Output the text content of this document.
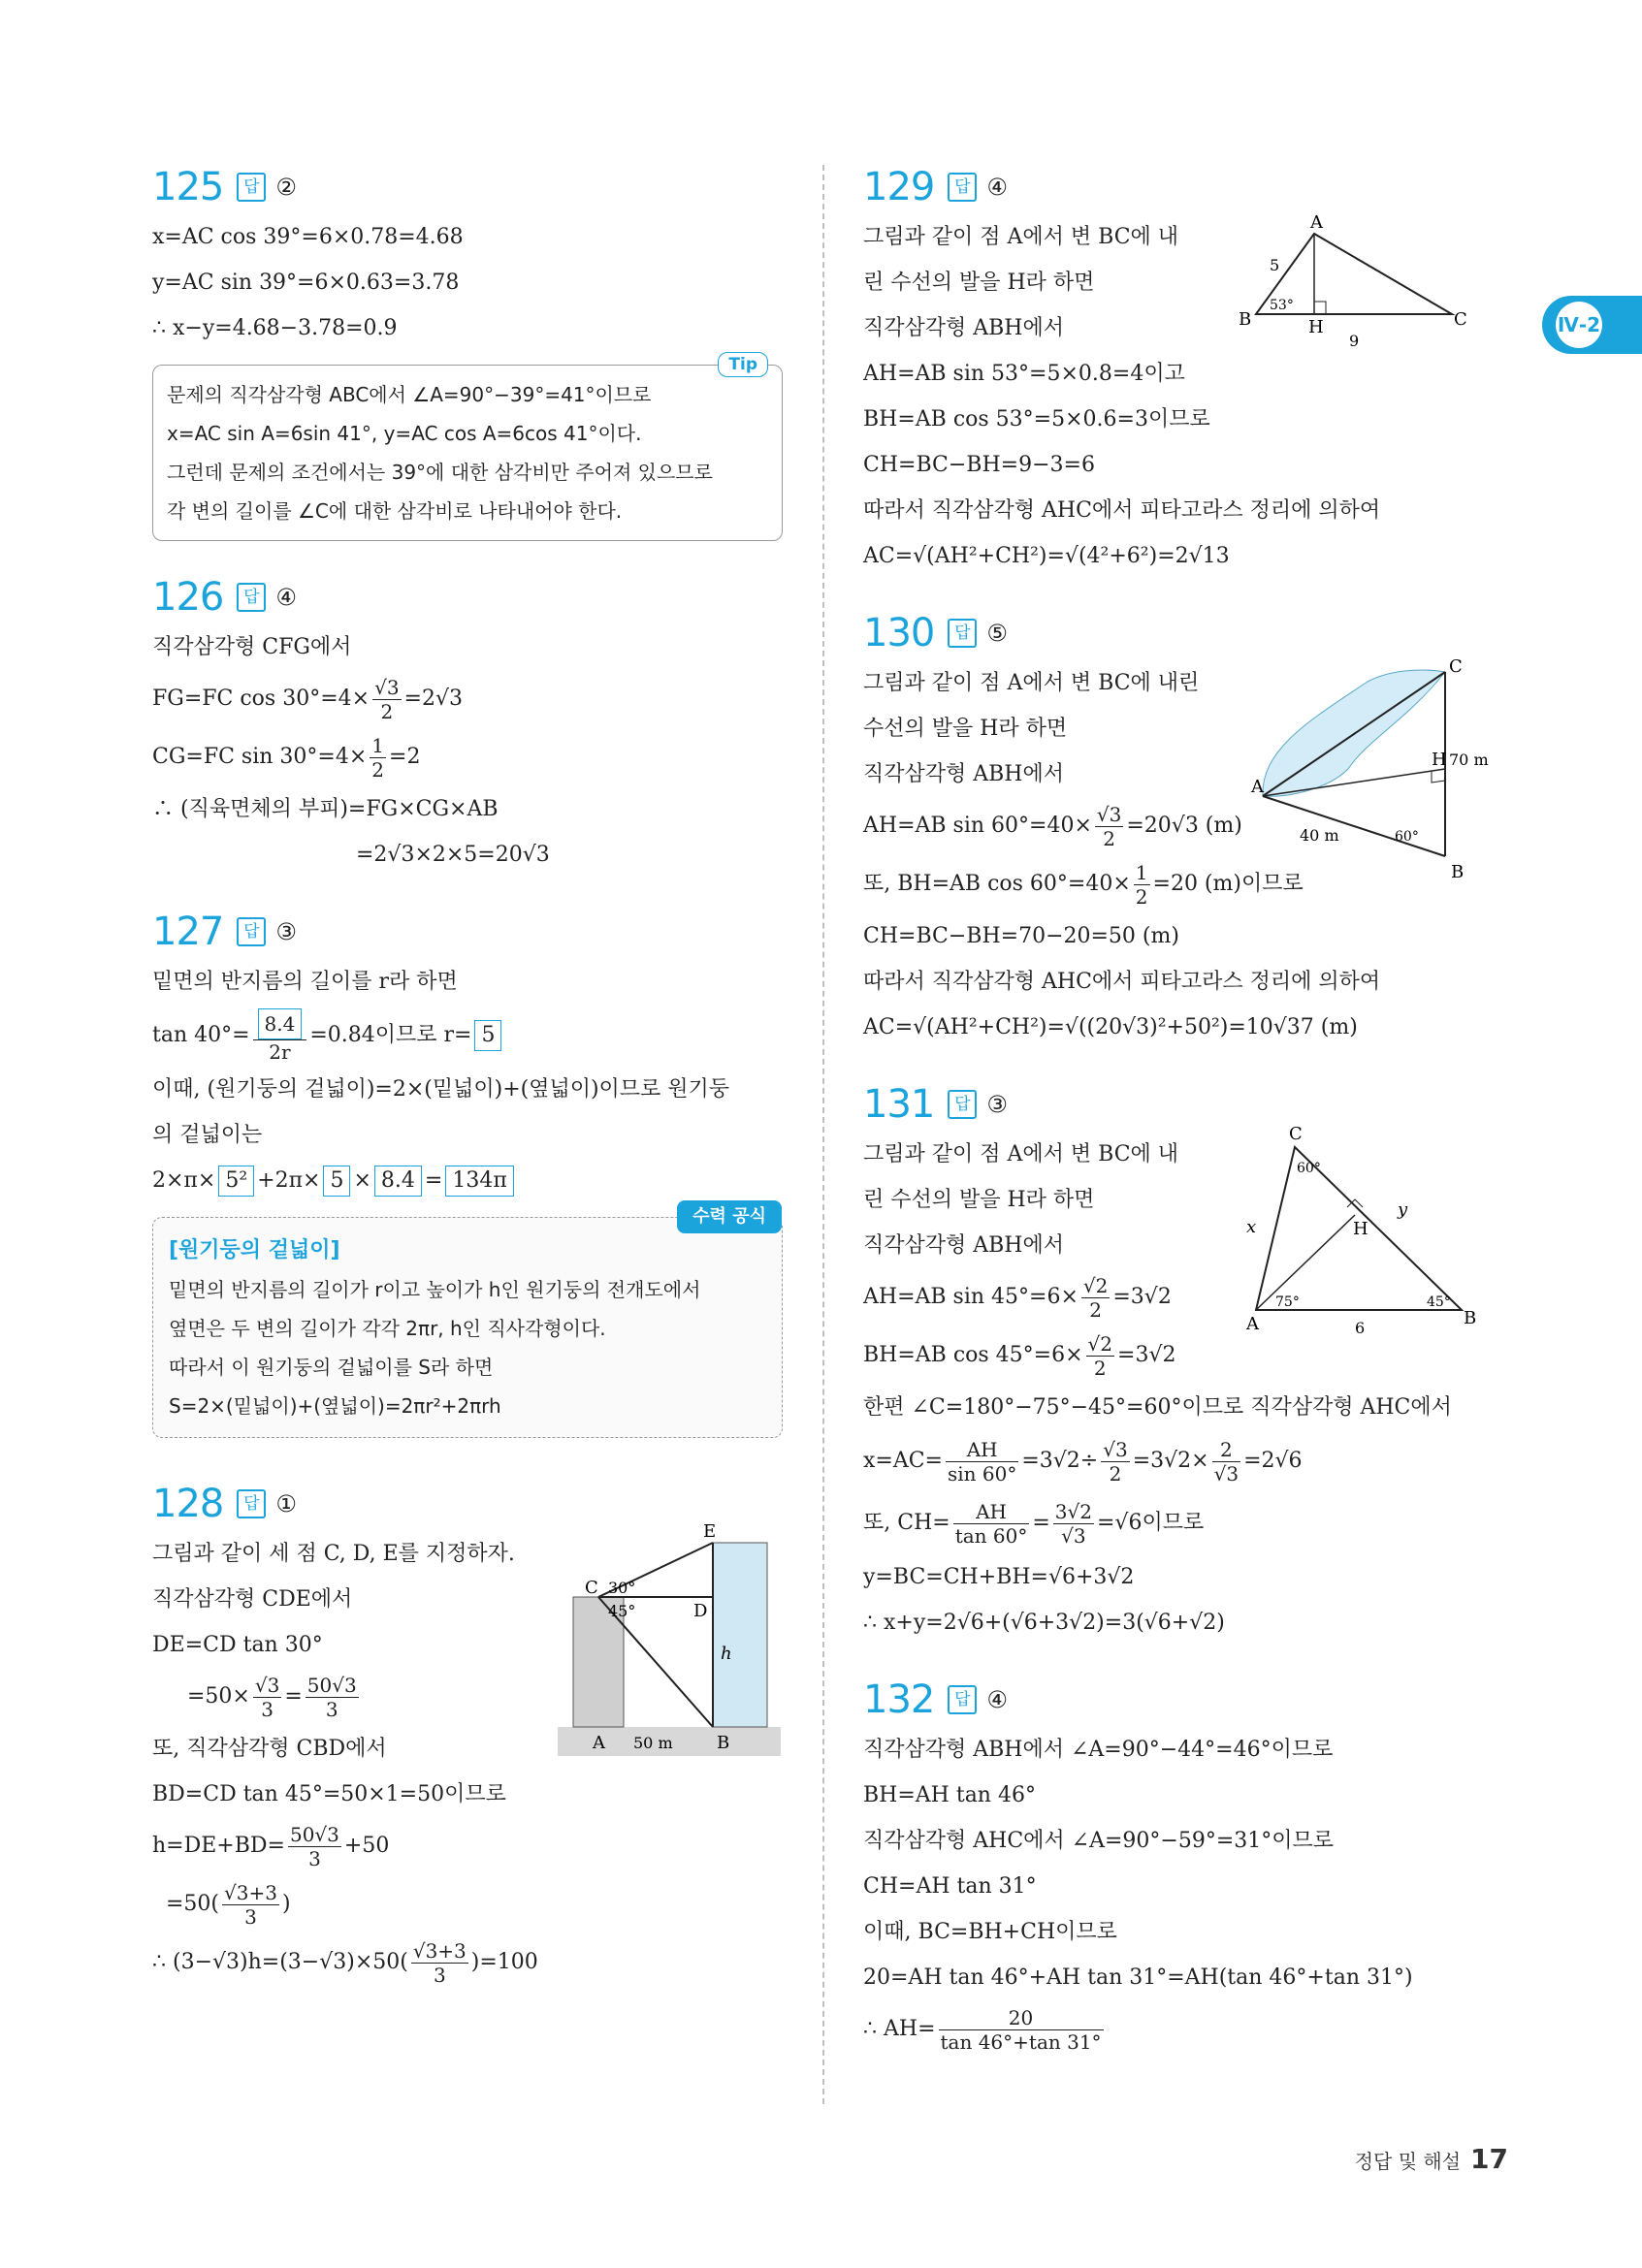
Ⅳ-2
125	답 ②
x=AC cos 39°=6×0.78=4.68
y=AC sin 39°=6×0.63=3.78
∴ x−y=4.68−3.78=0.9
Tip
문제의 직각삼각형 ABC에서 ∠A=90°−39°=41°이므로
x=AC sin A=6sin 41°, y=AC cos A=6cos 41°이다.
그런데 문제의 조건에서는 39°에 대한 삼각비만 주어져 있으므로
각 변의 길이를 ∠C에 대한 삼각비로 나타내어야 한다.
126	답 ④
직각삼각형 CFG에서
FG=FC $\cos 30^\circ=4\times \frac{√3}{2} =2√3$
CG=FC $\sin 30^\circ=4\times \frac{1}{2} =2$
∴ (직육면체의 부피)=FG×CG×AB
=2√3×2×5=20√3
127	답 ③
밑면의 반지름의 길이를 r라 하면
$\tan 40^\circ= \frac{8.4}{2r} =0.84$이므로 r= 5
이때, (원기둥의 겉넓이)=2×(밑넓이)+(옆넓이)이므로 원기둥
의 겉넓이는
2×π× 5² +2π× 5 × 8.4 = 134π
수력 공식
[원기둥의 겉넓이]
밑면의 반지름의 길이가 r이고 높이가 h인 원기둥의 전개도에서
옆면은 두 변의 길이가 각각 2πr, h인 직사각형이다.
따라서 이 원기둥의 겉넓이를 S라 하면
S=2×(밑넓이)+(옆넓이)=2πr²+2πrh
128	답 ①
그림과 같이 세 점 C, D, E를 지정하자.
직각삼각형 CDE에서
DE=CD tan 30°
$=50\times \frac{√3}{3} = \frac{50√3}{3}$
또, 직각삼각형 CBD에서
BD=CD tan 45°=50×1=50이므로
$h=DE+BD= \frac{50√3}{3} +50$
$=50( \frac{√3+3}{3}$ )
∴ $(3-√3)h=(3-√3)\times 50( \frac{√3+3}{3} )=100$
E
C
D
h
30°
45°
A	B
50 m
129	답 ④
그림과 같이 점 A에서 변 BC에 내
린 수선의 발을 H라 하면
직각삼각형 ABH에서
AH=AB sin 53°=5×0.8=4이고
BH=AB cos 53°=5×0.6=3이므로
CH=BC−BH=9−3=6
따라서 직각삼각형 AHC에서 피타고라스 정리에 의하여
AC=√(AH²+CH²)=√(4²+6²)=2√13
A
B	C
H
5
53°
9
130	답 ⑤
그림과 같이 점 A에서 변 BC에 내린
수선의 발을 H라 하면
직각삼각형 ABH에서
AH=AB $\sin 60^\circ=40\times \frac{√3}{2} =20√3$ (m)
또, BH=AB $\cos 60^\circ=40\times \frac{1}{2} =20$ (m)이므로
CH=BC−BH=70−20=50 (m)
따라서 직각삼각형 AHC에서 피타고라스 정리에 의하여
AC=√(AH²+CH²)=√((20√3)²+50²)=10√37 (m)
C
A
B
H 70 m
40 m	60°
131	답 ③
그림과 같이 점 A에서 변 BC에 내
린 수선의 발을 H라 하면
직각삼각형 ABH에서
AH=AB $\sin 45^\circ=6\times \frac{√2}{2} =3√2$
BH=AB $\cos 45^\circ=6\times \frac{√2}{2} =3√2$
한편 ∠C=180°−75°−45°=60°이므로 직각삼각형 AHC에서
$x=AC= \frac{AH}{\sin 60^\circ} =3√2\div \frac{√3}{2} =3√2\times \frac{2}{√3} =2√6$
또, $CH= \frac{AH}{\tan 60^\circ} = \frac{3√2}{√3} =√6$이므로
y=BC=CH+BH=√6+3√2
∴ x+y=2√6+(√6+3√2)=3(√6+√2)
C
A	B
H
x
y
60°
75°	45°
6
132	답 ④
직각삼각형 ABH에서 ∠A=90°−44°=46°이므로
BH=AH tan 46°
직각삼각형 AHC에서 ∠A=90°−59°=31°이므로
CH=AH tan 31°
이때, BC=BH+CH이므로
20=AH tan 46°+AH tan 31°=AH(tan 46°+tan 31°)
∴ $AH= \frac{20}{\tan 46^\circ+\tan 31^\circ}$
정답 및 해설 17
